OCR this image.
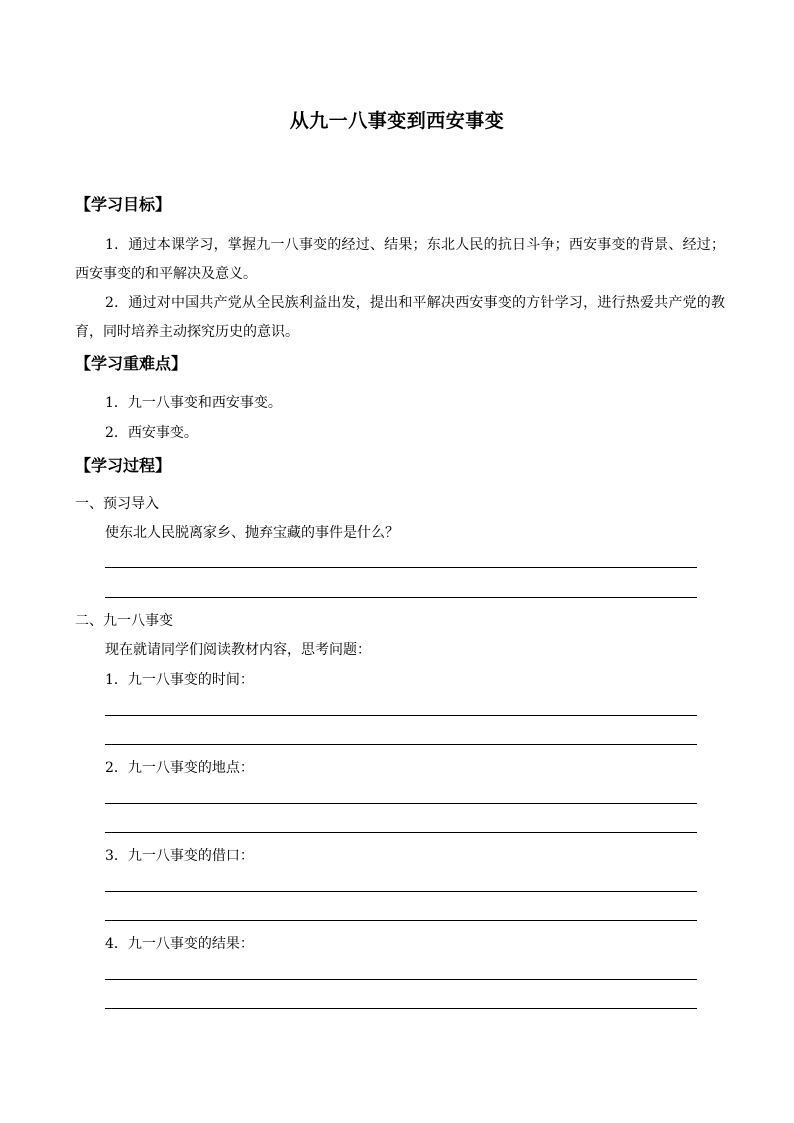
从九一八事变到西安事变
【学习目标】
1．通过本课学习，掌握九一八事变的经过、结果；东北人民的抗日斗争；西安事变的背景、经过；西安事变的和平解决及意义。
2．通过对中国共产党从全民族利益出发，提出和平解决西安事变的方针学习，进行热爱共产党的教育，同时培养主动探究历史的意识。
【学习重难点】
1．九一八事变和西安事变。
2．西安事变。
【学习过程】
一、预习导入
使东北人民脱离家乡、抛弃宝藏的事件是什么？
二、九一八事变
现在就请同学们阅读教材内容，思考问题：
1．九一八事变的时间：
2．九一八事变的地点：
3．九一八事变的借口：
4．九一八事变的结果：
